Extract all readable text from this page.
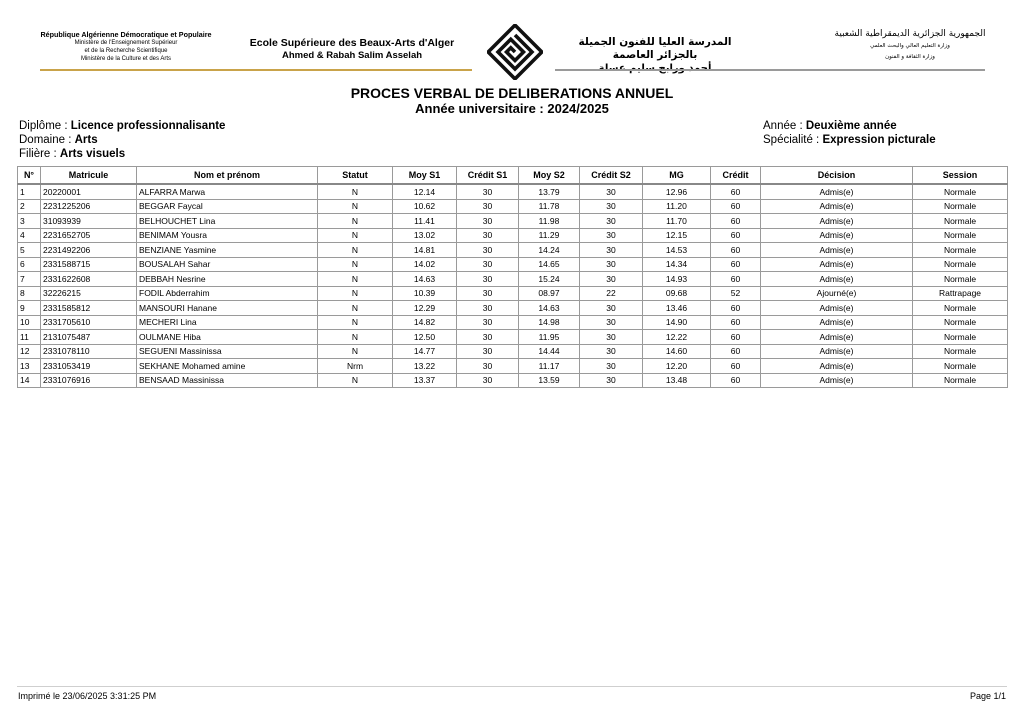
République Algérienne Démocratique et Populaire
Ministère de l'Enseignement Supérieur
et de la Recherche Scientifique
Ministère de la Culture et des Arts
Ecole Supérieure des Beaux-Arts d'Alger
Ahmed & Rabah Salim Asselah
المدرسة العليا للفنون الجميلة بالجزائر العاصمة
الجمهورية الجزائرية الديمقراطية الشعبية
وزارة التعليم العالي والبحث العلمي
وزارة الثقافة و الفنون
PROCES VERBAL DE DELIBERATIONS ANNUEL
Année universitaire : 2024/2025
Diplôme : Licence professionnalisante
Domaine : Arts
Filière : Arts visuels
Année : Deuxième année
Spécialité : Expression picturale
N°	Matricule	Nom et prénom	Statut	Moy S1	Crédit S1	Moy S2	Crédit S2	MG	Crédit	Décision	Session
1	20220001	ALFARRA Marwa	N	12.14	30	13.79	30	12.96	60	Admis(e)	Normale
2	2231225206	BEGGAR Faycal	N	10.62	30	11.78	30	11.20	60	Admis(e)	Normale
3	31093939	BELHOUCHET Lina	N	11.41	30	11.98	30	11.70	60	Admis(e)	Normale
4	2231652705	BENIMAM Yousra	N	13.02	30	11.29	30	12.15	60	Admis(e)	Normale
5	2231492206	BENZIANE Yasmine	N	14.81	30	14.24	30	14.53	60	Admis(e)	Normale
6	2331588715	BOUSALAH Sahar	N	14.02	30	14.65	30	14.34	60	Admis(e)	Normale
7	2331622608	DEBBAH Nesrine	N	14.63	30	15.24	30	14.93	60	Admis(e)	Normale
8	32226215	FODIL Abderrahim	N	10.39	30	08.97	22	09.68	52	Ajourné(e)	Rattrapage
9	2331585812	MANSOURI Hanane	N	12.29	30	14.63	30	13.46	60	Admis(e)	Normale
10	2331705610	MECHERI Lina	N	14.82	30	14.98	30	14.90	60	Admis(e)	Normale
11	2131075487	OULMANE Hiba	N	12.50	30	11.95	30	12.22	60	Admis(e)	Normale
12	2331078110	SEGUENI Massinissa	N	14.77	30	14.44	30	14.60	60	Admis(e)	Normale
13	2331053419	SEKHANE Mohamed amine	Nrm	13.22	30	11.17	30	12.20	60	Admis(e)	Normale
14	2331076916	BENSAAD Massinissa	N	13.37	30	13.59	30	13.48	60	Admis(e)	Normale
Imprimé le 23/06/2025 3:31:25 PM	Page 1/1
